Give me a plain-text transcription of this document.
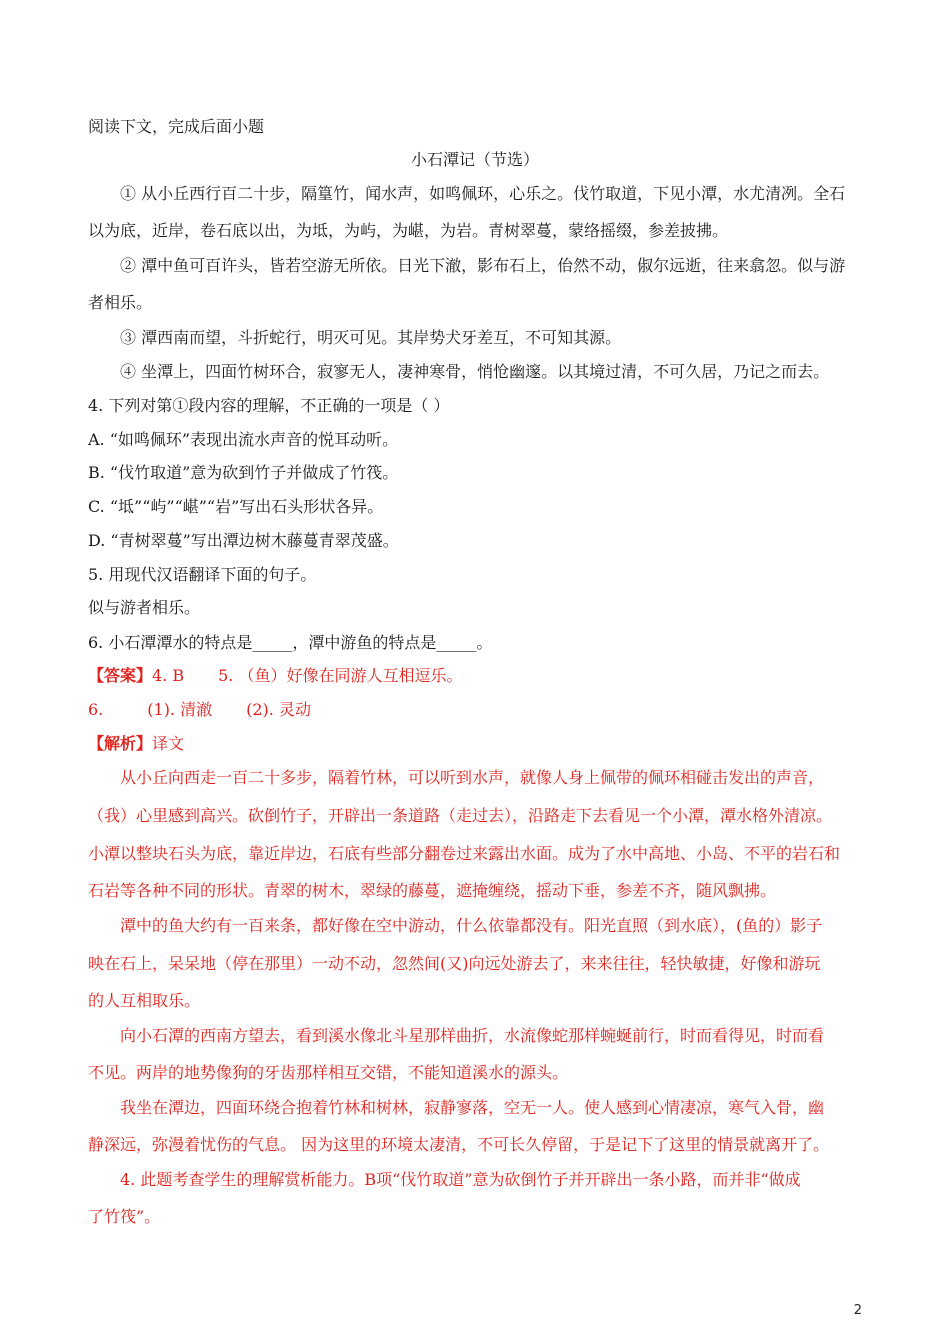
阅读下文，完成后面小题
小石潭记（节选）
① 从小丘西行百二十步，隔篁竹，闻水声，如鸣佩环，心乐之。伐竹取道，下见小潭，水尤清冽。全石
以为底，近岸，卷石底以出，为坻，为屿，为嵁，为岩。青树翠蔓，蒙络摇缀，参差披拂。
② 潭中鱼可百许头，皆若空游无所依。日光下澈，影布石上，佁然不动，俶尔远逝，往来翕忽。似与游
者相乐。
③ 潭西南而望，斗折蛇行，明灭可见。其岸势犬牙差互，不可知其源。
④ 坐潭上，四面竹树环合，寂寥无人，凄神寒骨，悄怆幽邃。以其境过清，不可久居，乃记之而去。
4. 下列对第①段内容的理解，不正确的一项是（ ）
A. “如鸣佩环”表现出流水声音的悦耳动听。
B. “伐竹取道”意为砍到竹子并做成了竹筏。
C. “坻”“屿”“嵁”“岩”写出石头形状各异。
D. “青树翠蔓”写出潭边树木藤蔓青翠茂盛。
5. 用现代汉语翻译下面的句子。
似与游者相乐。
6. 小石潭潭水的特点是_____，潭中游鱼的特点是_____。
【答案】4. B 5. （鱼）好像在同游人互相逗乐。
6.	(1). 清澈 (2). 灵动
【解析】译文
从小丘向西走一百二十多步，隔着竹林，可以听到水声，就像人身上佩带的佩环相碰击发出的声音，
（我）心里感到高兴。砍倒竹子，开辟出一条道路（走过去），沿路走下去看见一个小潭，潭水格外清凉。
小潭以整块石头为底，靠近岸边，石底有些部分翻卷过来露出水面。成为了水中高地、小岛、不平的岩石和
石岩等各种不同的形状。青翠的树木，翠绿的藤蔓，遮掩缠绕，摇动下垂，参差不齐，随风飘拂。
潭中的鱼大约有一百来条，都好像在空中游动，什么依靠都没有。阳光直照（到水底），(鱼的）影子
映在石上，呆呆地（停在那里）一动不动，忽然间(又)向远处游去了，来来往往，轻快敏捷，好像和游玩
的人互相取乐。
向小石潭的西南方望去，看到溪水像北斗星那样曲折，水流像蛇那样蜿蜒前行，时而看得见，时而看
不见。两岸的地势像狗的牙齿那样相互交错，不能知道溪水的源头。
我坐在潭边，四面环绕合抱着竹林和树林，寂静寥落，空无一人。使人感到心情凄凉，寒气入骨，幽
静深远，弥漫着忧伤的气息。 因为这里的环境太凄清，不可长久停留，于是记下了这里的情景就离开了。
4. 此题考查学生的理解赏析能力。B项“伐竹取道”意为砍倒竹子并开辟出一条小路，而并非“做成
了竹筏”。
2
